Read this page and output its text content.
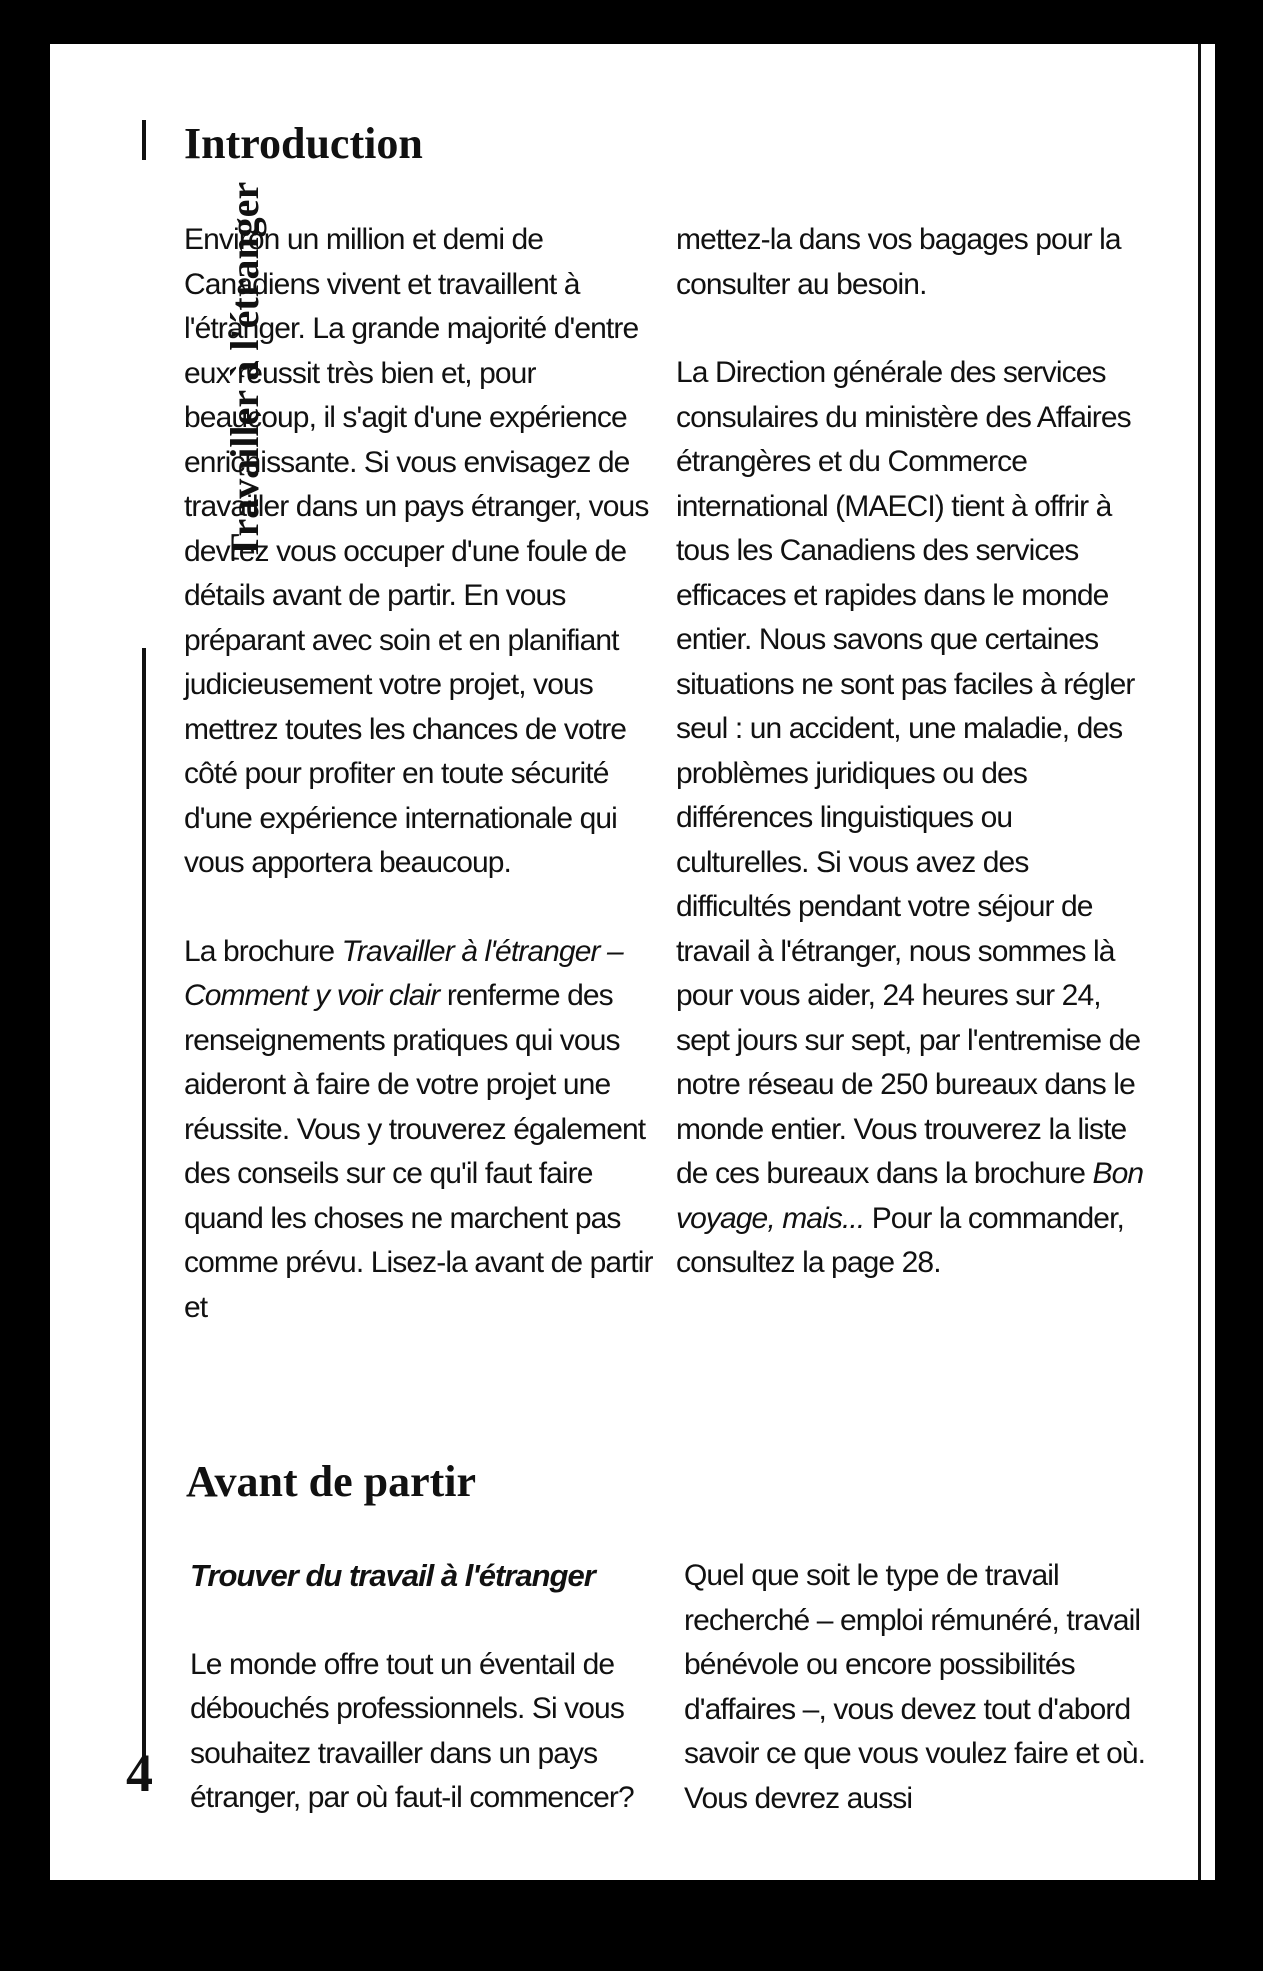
Travailler à l'étranger
4
Introduction

Environ un million et demi de Canadiens vivent et travaillent à l'étranger. La grande majorité d'entre eux réussit très bien et, pour beaucoup, il s'agit d'une expérience enrichissante. Si vous envisagez de travailler dans un pays étranger, vous devrez vous occuper d'une foule de détails avant de partir. En vous préparant avec soin et en planifiant judicieusement votre projet, vous mettrez toutes les chances de votre côté pour profiter en toute sécurité d'une expérience internationale qui vous apportera beaucoup.

La brochure Travailler à l'étranger – Comment y voir clair renferme des renseignements pratiques qui vous aideront à faire de votre projet une réussite. Vous y trouverez également des conseils sur ce qu'il faut faire quand les choses ne marchent pas comme prévu. Lisez-la avant de partir et

mettez-la dans vos bagages pour la consulter au besoin.

La Direction générale des services consulaires du ministère des Affaires étrangères et du Commerce international (MAECI) tient à offrir à tous les Canadiens des services efficaces et rapides dans le monde entier. Nous savons que certaines situations ne sont pas faciles à régler seul : un accident, une maladie, des problèmes juridiques ou des différences linguistiques ou culturelles. Si vous avez des difficultés pendant votre séjour de travail à l'étranger, nous sommes là pour vous aider, 24 heures sur 24, sept jours sur sept, par l'entremise de notre réseau de 250 bureaux dans le monde entier. Vous trouverez la liste de ces bureaux dans la brochure Bon voyage, mais... Pour la commander, consultez la page 28.

Avant de partir
Trouver du travail à l'étranger

Le monde offre tout un éventail de débouchés professionnels. Si vous souhaitez travailler dans un pays étranger, par où faut-il commencer?

Quel que soit le type de travail recherché – emploi rémunéré, travail bénévole ou encore possibilités d'affaires –, vous devez tout d'abord savoir ce que vous voulez faire et où. Vous devrez aussi
